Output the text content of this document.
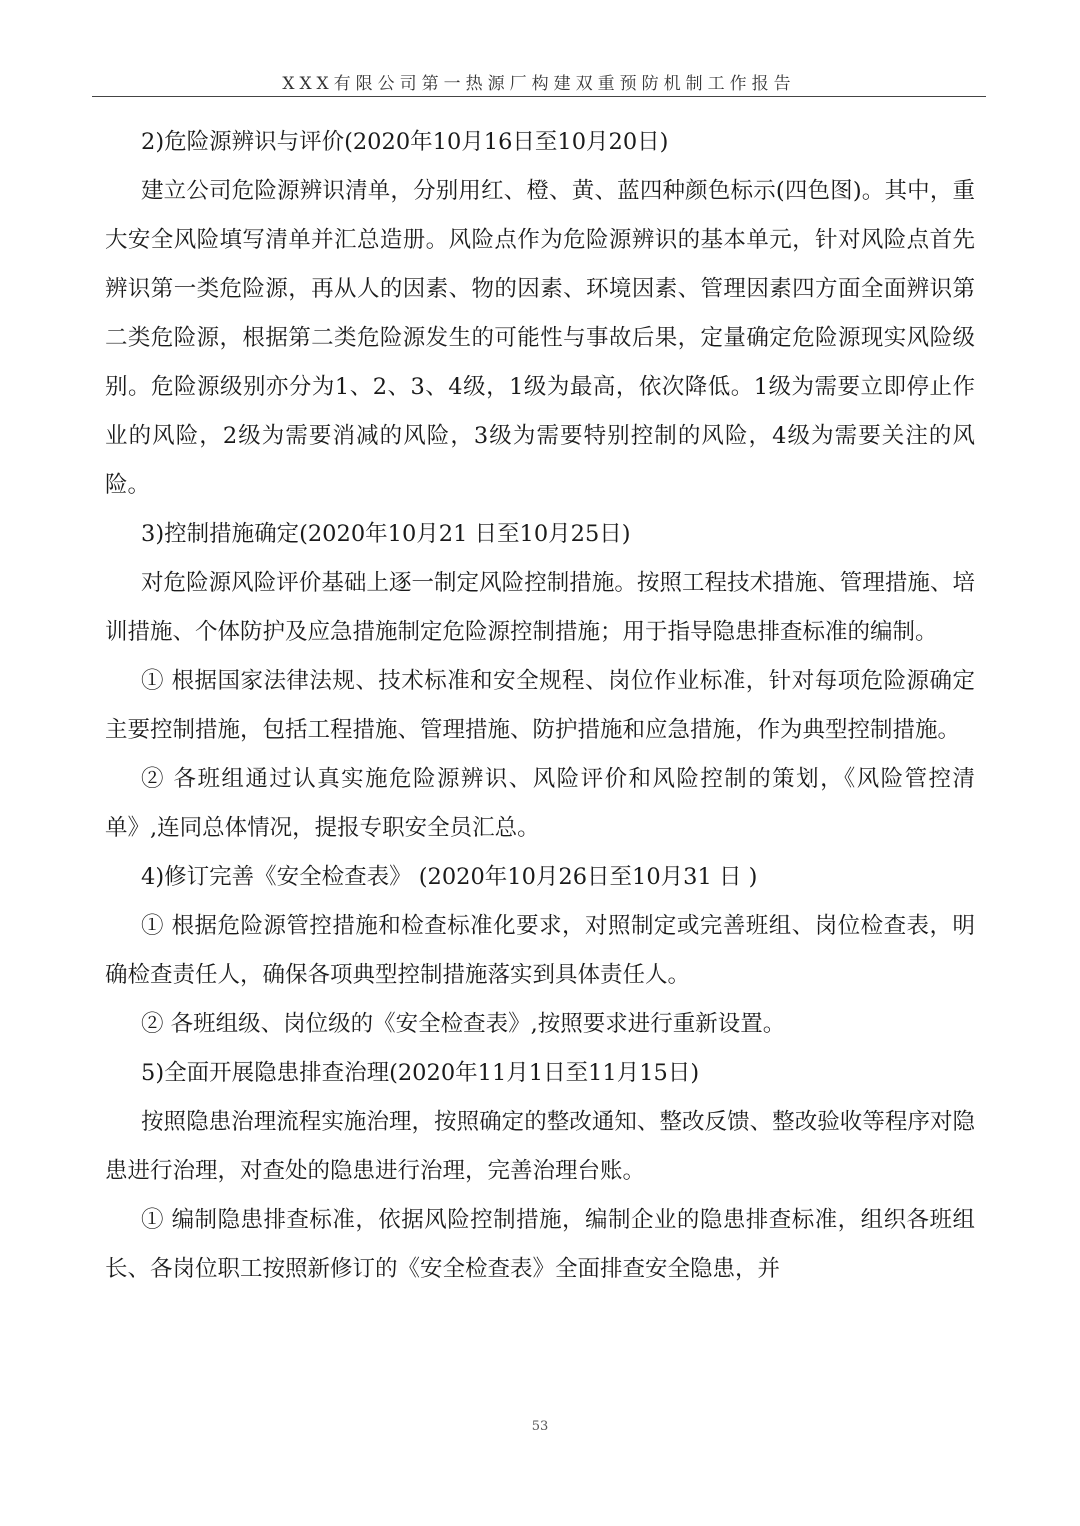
XXX有限公司第一热源厂构建双重预防机制工作报告

2)危险源辨识与评价(2020年10月16日至10月20日)

建立公司危险源辨识清单，分别用红、橙、黄、蓝四种颜色标示(四色图)。其中，重大安全风险填写清单并汇总造册。风险点作为危险源辨识的基本单元，针对风险点首先辨识第一类危险源，再从人的因素、物的因素、环境因素、管理因素四方面全面辨识第二类危险源，根据第二类危险源发生的可能性与事故后果，定量确定危险源现实风险级别。危险源级别亦分为1、2、3、4级，1级为最高，依次降低。1级为需要立即停止作业的风险，2级为需要消减的风险，3级为需要特别控制的风险，4级为需要关注的风险。

3)控制措施确定(2020年10月21 日至10月25日)

对危险源风险评价基础上逐一制定风险控制措施。按照工程技术措施、管理措施、培训措施、个体防护及应急措施制定危险源控制措施；用于指导隐患排查标准的编制。

① 根据国家法律法规、技术标准和安全规程、岗位作业标准，针对每项危险源确定主要控制措施，包括工程措施、管理措施、防护措施和应急措施，作为典型控制措施。

② 各班组通过认真实施危险源辨识、风险评价和风险控制的策划，《风险管控清单》,连同总体情况，提报专职安全员汇总。

4)修订完善《安全检查表》 (2020年10月26日至10月31 日 )

① 根据危险源管控措施和检查标准化要求，对照制定或完善班组、岗位检查表，明确检查责任人，确保各项典型控制措施落实到具体责任人。

② 各班组级、岗位级的《安全检查表》,按照要求进行重新设置。

5)全面开展隐患排查治理(2020年11月1日至11月15日)

按照隐患治理流程实施治理，按照确定的整改通知、整改反馈、整改验收等程序对隐患进行治理，对查处的隐患进行治理，完善治理台账。

① 编制隐患排查标准，依据风险控制措施，编制企业的隐患排查标准，组织各班组长、各岗位职工按照新修订的《安全检查表》全面排查安全隐患，并

53
